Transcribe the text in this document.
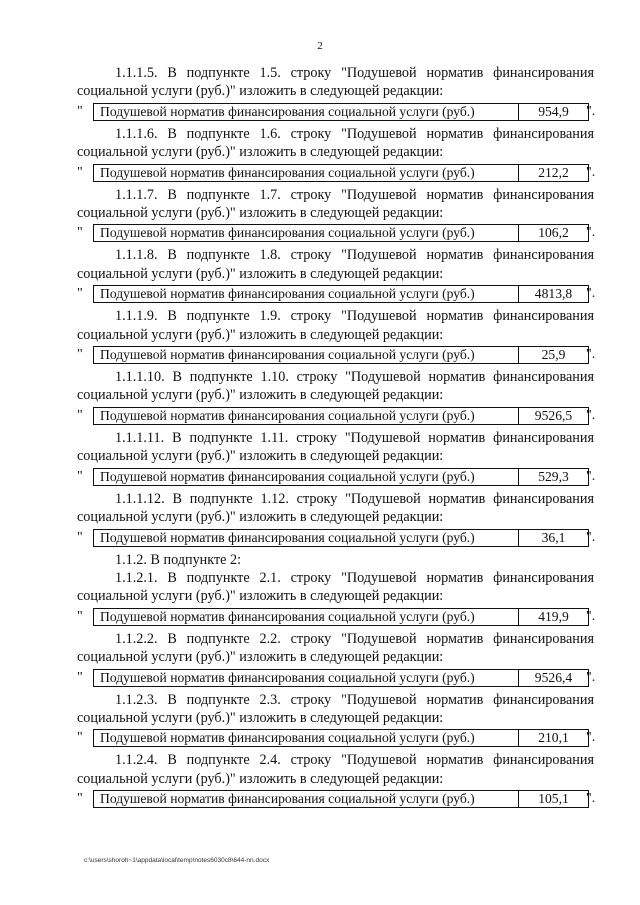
2

1.1.1.5. В подпункте 1.5. строку "Подушевой норматив финансирования социальной услуги (руб.)" изложить в следующей редакции:

"	Подушевой норматив финансирования социальной услуги (руб.)	954,9	".

1.1.1.6. В подпункте 1.6. строку "Подушевой норматив финансирования социальной услуги (руб.)" изложить в следующей редакции:

"	Подушевой норматив финансирования социальной услуги (руб.)	212,2	".

1.1.1.7. В подпункте 1.7. строку "Подушевой норматив финансирования социальной услуги (руб.)" изложить в следующей редакции:

"	Подушевой норматив финансирования социальной услуги (руб.)	106,2	".

1.1.1.8. В подпункте 1.8. строку "Подушевой норматив финансирования социальной услуги (руб.)" изложить в следующей редакции:

"	Подушевой норматив финансирования социальной услуги (руб.)	4813,8 ".

1.1.1.9. В подпункте 1.9. строку "Подушевой норматив финансирования социальной услуги (руб.)" изложить в следующей редакции:

"	Подушевой норматив финансирования социальной услуги (руб.)	25,9	".

1.1.1.10. В подпункте 1.10. строку "Подушевой норматив финансирования социальной услуги (руб.)" изложить в следующей редакции:

"	Подушевой норматив финансирования социальной услуги (руб.)	9526,5 ".

1.1.1.11. В подпункте 1.11. строку "Подушевой норматив финансирования социальной услуги (руб.)" изложить в следующей редакции:

"	Подушевой норматив финансирования социальной услуги (руб.)	529,3	".

1.1.1.12. В подпункте 1.12. строку "Подушевой норматив финансирования социальной услуги (руб.)" изложить в следующей редакции:

"	Подушевой норматив финансирования социальной услуги (руб.)	36,1	".

1.1.2. В подпункте 2:

1.1.2.1. В подпункте 2.1. строку "Подушевой норматив финансирования социальной услуги (руб.)" изложить в следующей редакции:

"	Подушевой норматив финансирования социальной услуги (руб.)	419,9	".

1.1.2.2. В подпункте 2.2. строку "Подушевой норматив финансирования социальной услуги (руб.)" изложить в следующей редакции:

"	Подушевой норматив финансирования социальной услуги (руб.)	9526,4 ".

1.1.2.3. В подпункте 2.3. строку "Подушевой норматив финансирования социальной услуги (руб.)" изложить в следующей редакции:

"	Подушевой норматив финансирования социальной услуги (руб.)	210,1	".

1.1.2.4. В подпункте 2.4. строку "Подушевой норматив финансирования социальной услуги (руб.)" изложить в следующей редакции:

"	Подушевой норматив финансирования социальной услуги (руб.)	105,1	".
c:\users\shoroh~1\appdata\local\temp\notes6030c8\644-nn.docx
